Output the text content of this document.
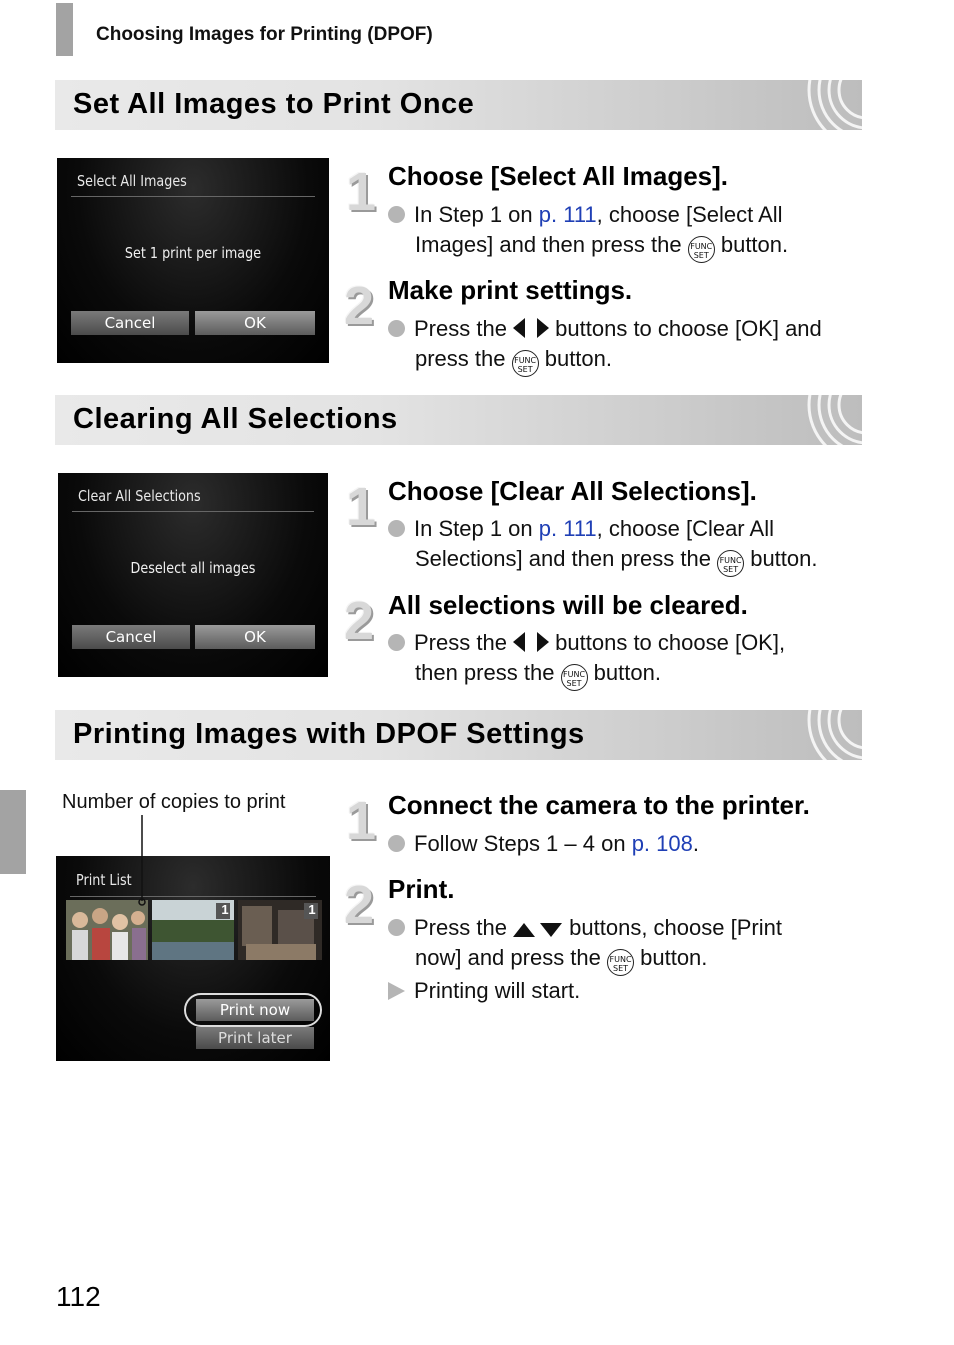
Choosing Images for Printing (DPOF)
Set All Images to Print Once
Select All Images
Set 1 print per image
Cancel	OK
1 Choose [Select All Images].
In Step 1 on p. 111, choose [Select All
Images] and then press the FUNC
SET button.
2 Make print settings.
Press the  buttons to choose [OK] and
press the FUNC
SET button.
Clearing All Selections
Clear All Selections
Deselect all images
Cancel	OK
1 Choose [Clear All Selections].
In Step 1 on p. 111, choose [Clear All
Selections] and then press the FUNC
SET button.
2 All selections will be cleared.
Press the  buttons to choose [OK],
then press the FUNC
SET button.
Printing Images with DPOF Settings
Number of copies to print
Print List
1	1
Print now
Print later
1 Connect the camera to the printer.
Follow Steps 1 – 4 on p. 108.
2 Print.
Press the  buttons, choose [Print
now] and press the FUNC
SET button.
Printing will start.
112
